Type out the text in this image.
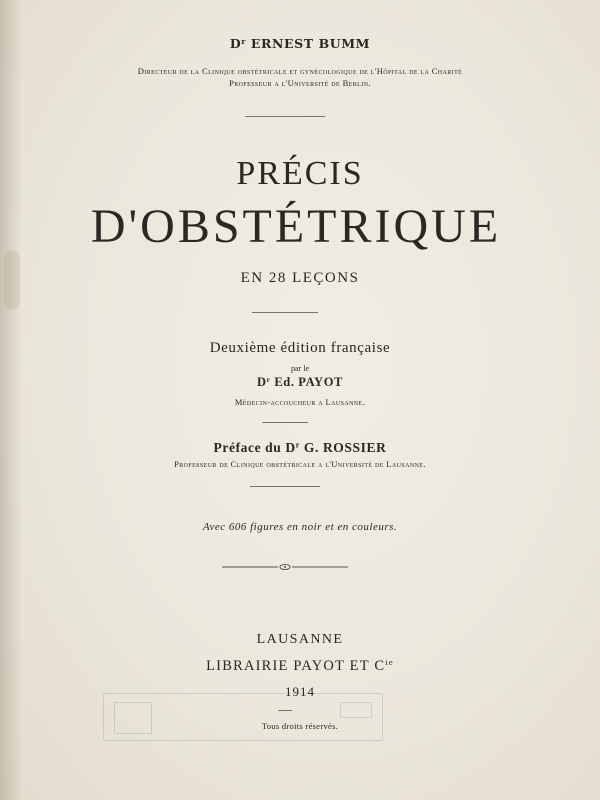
$D^r$ ERNEST BUMM
Directeur de la Clinique obstétricale et gynécologique de l'Hôpital de la Charité
Professeur a l'Université de Berlin.
PRÉCIS
D'OBSTÉTRIQUE
EN 28 LEÇONS
Deuxième édition française
par le
$D^r$ Ed. PAYOT
Médecin-accoucheur a Lausanne.
Préface du $D^r$ G. ROSSIER
Professeur de Clinique obstétricale a l'Université de Lausanne.
Avec 606 figures en noir et en couleurs.
LAUSANNE
LIBRAIRIE PAYOT ET $C^{ie}$
1914
Tous droits réservés.
